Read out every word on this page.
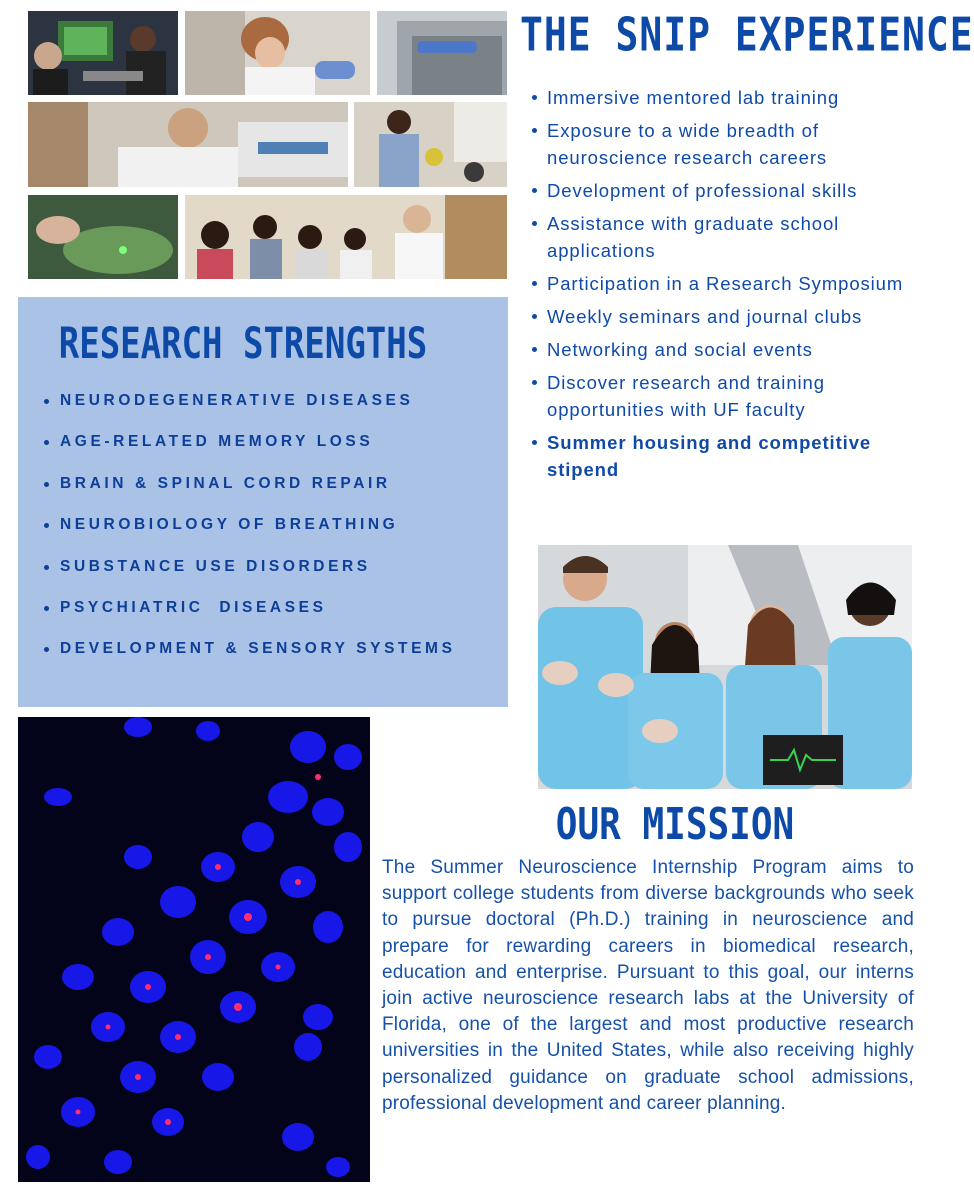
THE SNIP EXPERIENCE
Immersive mentored lab training
Exposure to a wide breadth of neuroscience research careers
Development of professional skills
Assistance with graduate school applications
Participation in a Research Symposium
Weekly seminars and journal clubs
Networking and social events
Discover research and training opportunities with UF faculty
Summer housing and competitive stipend
RESEARCH STRENGTHS
NEURODEGENERATIVE DISEASES
AGE-RELATED MEMORY LOSS
BRAIN & SPINAL CORD REPAIR
NEUROBIOLOGY OF BREATHING
SUBSTANCE USE DISORDERS
PSYCHIATRIC  DISEASES
DEVELOPMENT & SENSORY SYSTEMS
OUR MISSION

The Summer Neuroscience Internship Program aims to support college students from diverse backgrounds who seek to pursue doctoral (Ph.D.) training in neuroscience and prepare for rewarding careers in biomedical research, education and enterprise. Pursuant to this goal, our interns join active neuroscience research labs at the University of Florida, one of the largest and most productive research universities in the United States, while also receiving highly personalized guidance on graduate school admissions, professional development and career planning.
